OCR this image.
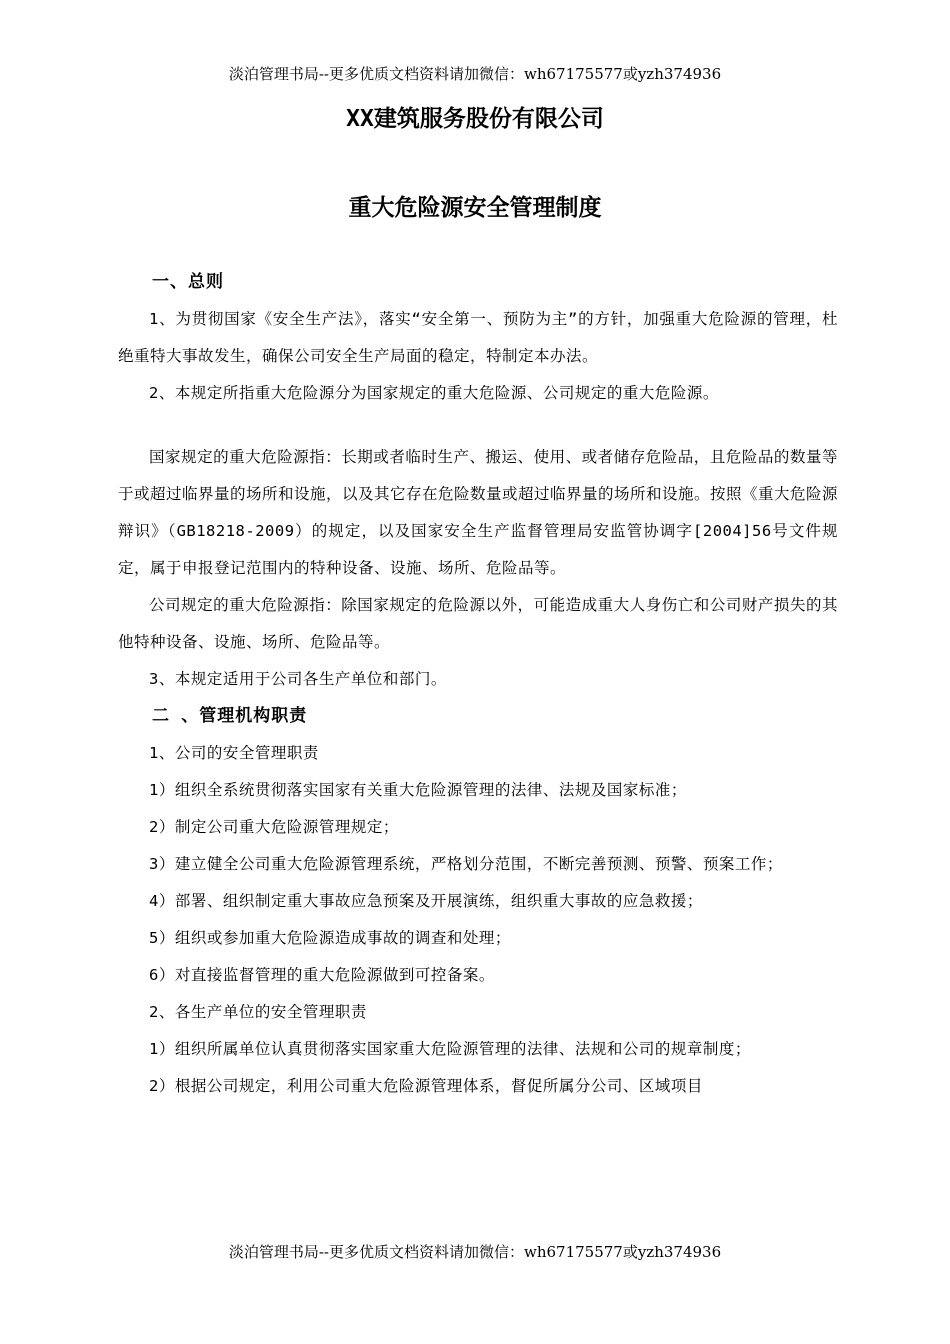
淡泊管理书局--更多优质文档资料请加微信：wh67175577或yzh374936
XX建筑服务股份有限公司
重大危险源安全管理制度

一、总则

1、为贯彻国家《安全生产法》，落实“安全第一、预防为主”的方针，加强重大危险源的管理，杜绝重特大事故发生，确保公司安全生产局面的稳定，特制定本办法。

2、本规定所指重大危险源分为国家规定的重大危险源、公司规定的重大危险源。

国家规定的重大危险源指：长期或者临时生产、搬运、使用、或者储存危险品，且危险品的数量等于或超过临界量的场所和设施，以及其它存在危险数量或超过临界量的场所和设施。按照《重大危险源辩识》（GB18218-2009）的规定，以及国家安全生产监督管理局安监管协调字[2004]56号文件规定，属于申报登记范围内的特种设备、设施、场所、危险品等。

公司规定的重大危险源指：除国家规定的危险源以外，可能造成重大人身伤亡和公司财产损失的其他特种设备、设施、场所、危险品等。

3、本规定适用于公司各生产单位和部门。

二 、管理机构职责

1、公司的安全管理职责

1）组织全系统贯彻落实国家有关重大危险源管理的法律、法规及国家标准；

2）制定公司重大危险源管理规定；

3）建立健全公司重大危险源管理系统，严格划分范围，不断完善预测、预警、预案工作；

4）部署、组织制定重大事故应急预案及开展演练，组织重大事故的应急救援；

5）组织或参加重大危险源造成事故的调查和处理；

6）对直接监督管理的重大危险源做到可控备案。

2、各生产单位的安全管理职责

1）组织所属单位认真贯彻落实国家重大危险源管理的法律、法规和公司的规章制度；

2）根据公司规定，利用公司重大危险源管理体系，督促所属分公司、区域项目

淡泊管理书局--更多优质文档资料请加微信：wh67175577或yzh374936
